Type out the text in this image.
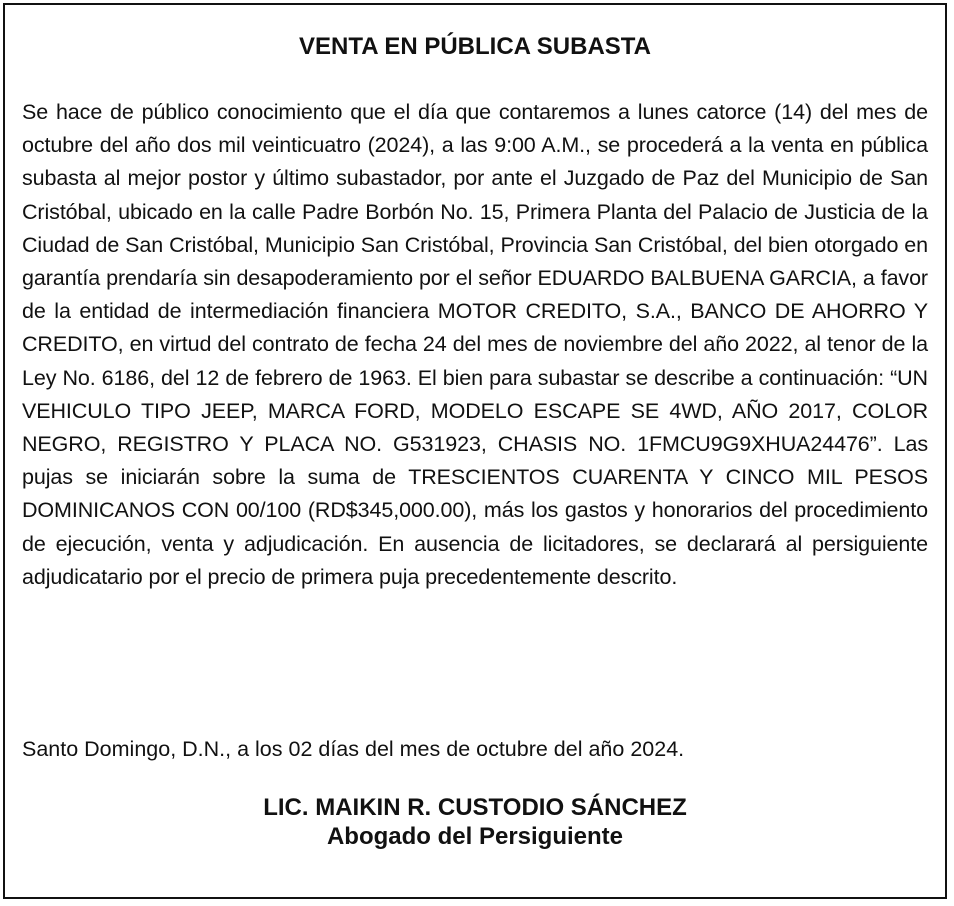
VENTA EN PÚBLICA SUBASTA

Se hace de público conocimiento que el día que contaremos a lunes catorce (14) del mes de octubre del año dos mil veinticuatro (2024), a las 9:00 A.M., se procederá a la venta en pública subasta al mejor postor y último subastador, por ante el Juzgado de Paz del Municipio de San Cristóbal, ubicado en la calle Padre Borbón No. 15, Primera Planta del Palacio de Justicia de la Ciudad de San Cristóbal, Municipio San Cristóbal, Provincia San Cristóbal, del bien otorgado en garantía prendaría sin desapoderamiento por el señor EDUARDO BALBUENA GARCIA, a favor de la entidad de intermediación financiera MOTOR CREDITO, S.A., BANCO DE AHORRO Y CREDITO, en virtud del contrato de fecha 24 del mes de noviembre del año 2022, al tenor de la Ley No. 6186, del 12 de febrero de 1963. El bien para subastar se describe a continuación: “UN VEHICULO TIPO JEEP, MARCA FORD, MODELO ESCAPE SE 4WD, AÑO 2017, COLOR NEGRO, REGISTRO Y PLACA NO. G531923, CHASIS NO. 1FMCU9G9XHUA24476”. Las pujas se iniciarán sobre la suma de TRESCIENTOS CUARENTA Y CINCO MIL PESOS DOMINICANOS CON 00/100 (RD$345,000.00), más los gastos y honorarios del procedimiento de ejecución, venta y adjudicación. En ausencia de licitadores, se declarará al persiguiente adjudicatario por el precio de primera puja precedentemente descrito.

Santo Domingo, D.N., a los 02 días del mes de octubre del año 2024.

LIC. MAIKIN R. CUSTODIO SÁNCHEZ
Abogado del Persiguiente
